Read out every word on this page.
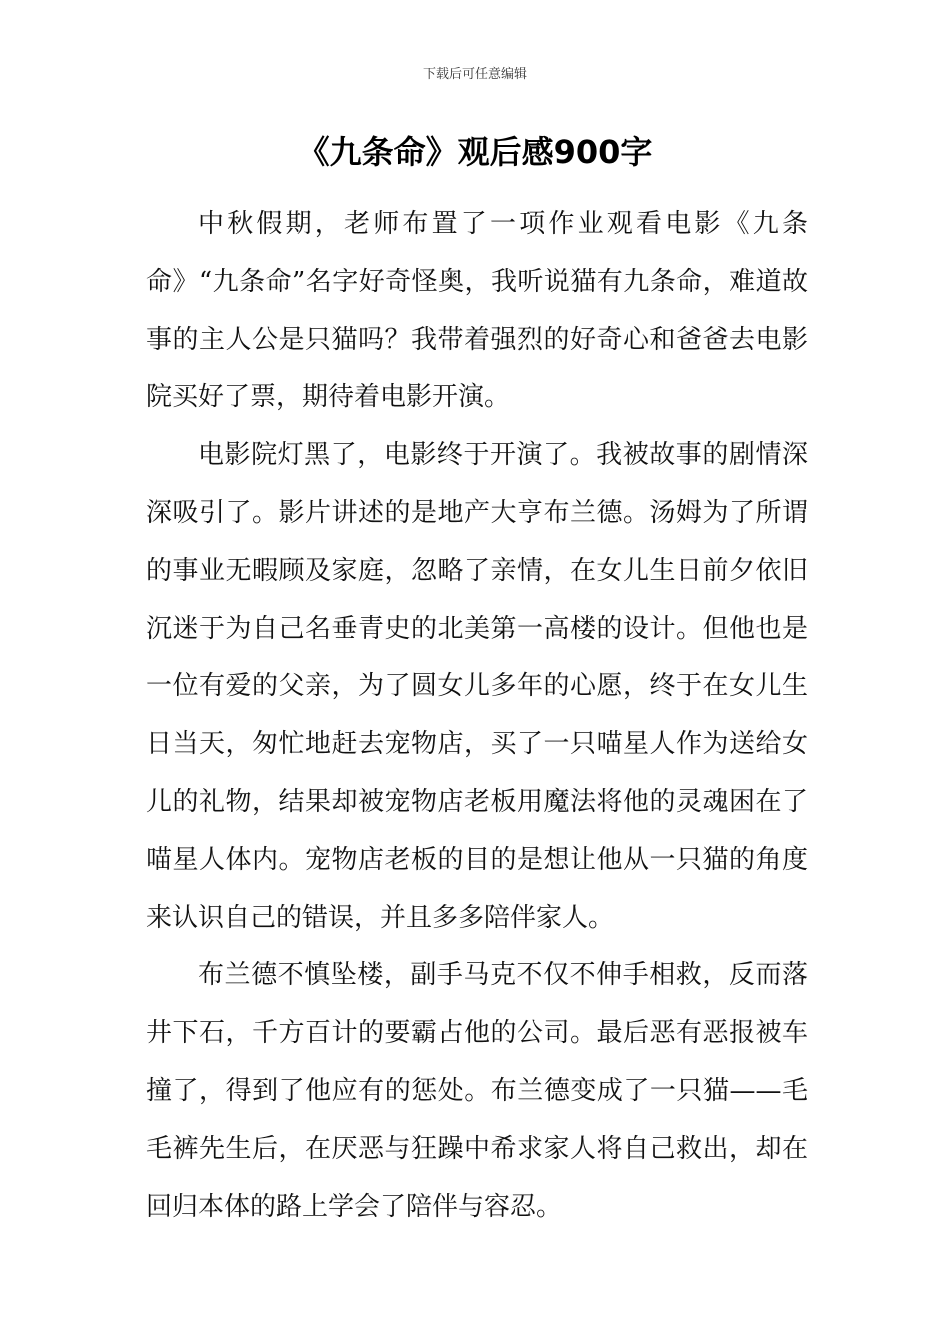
下载后可任意编辑
《九条命》观后感900字

中秋假期，老师布置了一项作业观看电影《九条命》“九条命”名字好奇怪奥，我听说猫有九条命，难道故事的主人公是只猫吗？我带着强烈的好奇心和爸爸去电影院买好了票，期待着电影开演。

电影院灯黑了，电影终于开演了。我被故事的剧情深深吸引了。影片讲述的是地产大亨布兰德。汤姆为了所谓的事业无暇顾及家庭，忽略了亲情，在女儿生日前夕依旧沉迷于为自己名垂青史的北美第一高楼的设计。但他也是一位有爱的父亲，为了圆女儿多年的心愿，终于在女儿生日当天，匆忙地赶去宠物店，买了一只喵星人作为送给女儿的礼物，结果却被宠物店老板用魔法将他的灵魂困在了喵星人体内。宠物店老板的目的是想让他从一只猫的角度来认识自己的错误，并且多多陪伴家人。

布兰德不慎坠楼，副手马克不仅不伸手相救，反而落井下石，千方百计的要霸占他的公司。最后恶有恶报被车撞了，得到了他应有的惩处。布兰德变成了一只猫——毛毛裤先生后，在厌恶与狂躁中希求家人将自己救出，却在回归本体的路上学会了陪伴与容忍。
